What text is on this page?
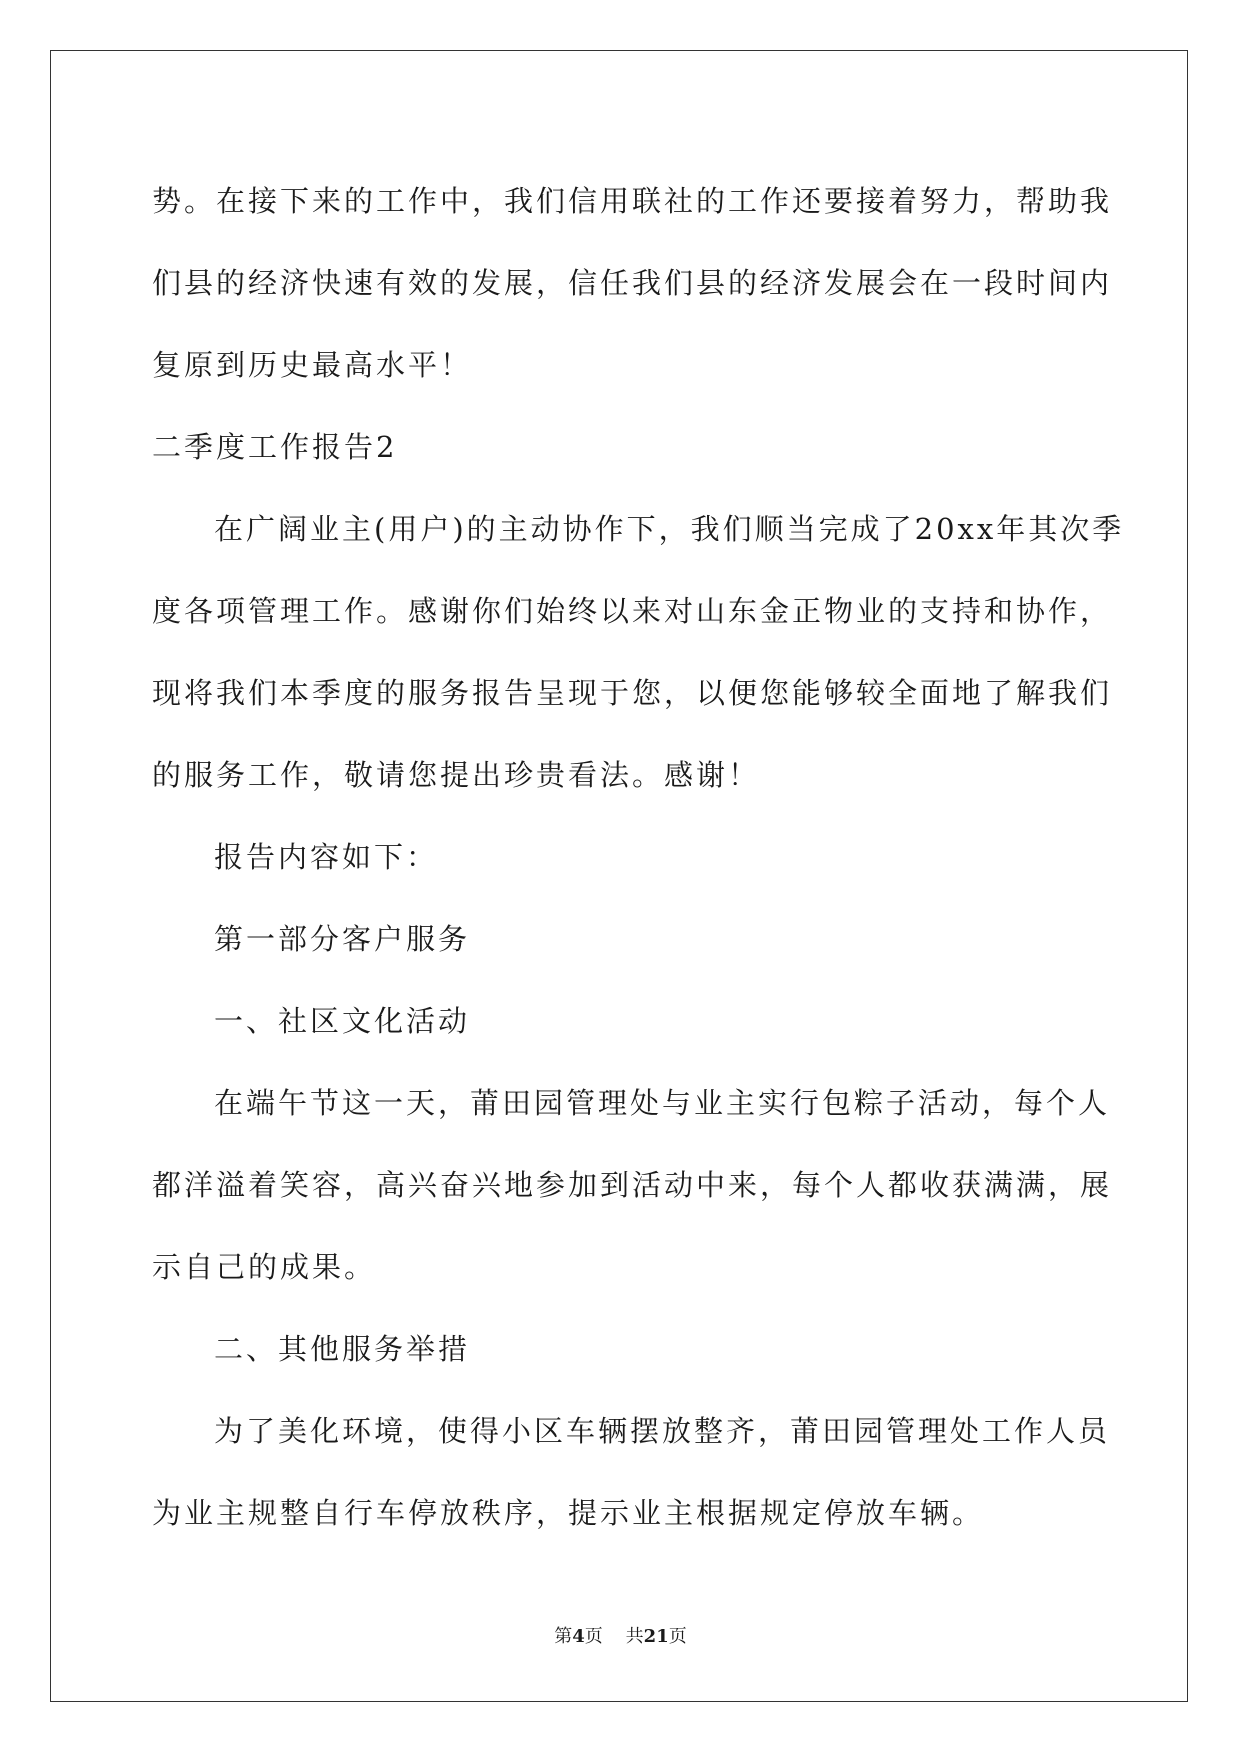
势。在接下来的工作中，我们信用联社的工作还要接着努力，帮助我
们县的经济快速有效的发展，信任我们县的经济发展会在一段时间内
复原到历史最高水平！
二季度工作报告2
在广阔业主(用户)的主动协作下，我们顺当完成了20xx年其次季
度各项管理工作。感谢你们始终以来对山东金正物业的支持和协作，
现将我们本季度的服务报告呈现于您，以便您能够较全面地了解我们
的服务工作，敬请您提出珍贵看法。感谢！
报告内容如下：
第一部分客户服务
一、社区文化活动
在端午节这一天，莆田园管理处与业主实行包粽子活动，每个人
都洋溢着笑容，高兴奋兴地参加到活动中来，每个人都收获满满，展
示自己的成果。
二、其他服务举措
为了美化环境，使得小区车辆摆放整齐，莆田园管理处工作人员
为业主规整自行车停放秩序，提示业主根据规定停放车辆。
第4页 共21页
